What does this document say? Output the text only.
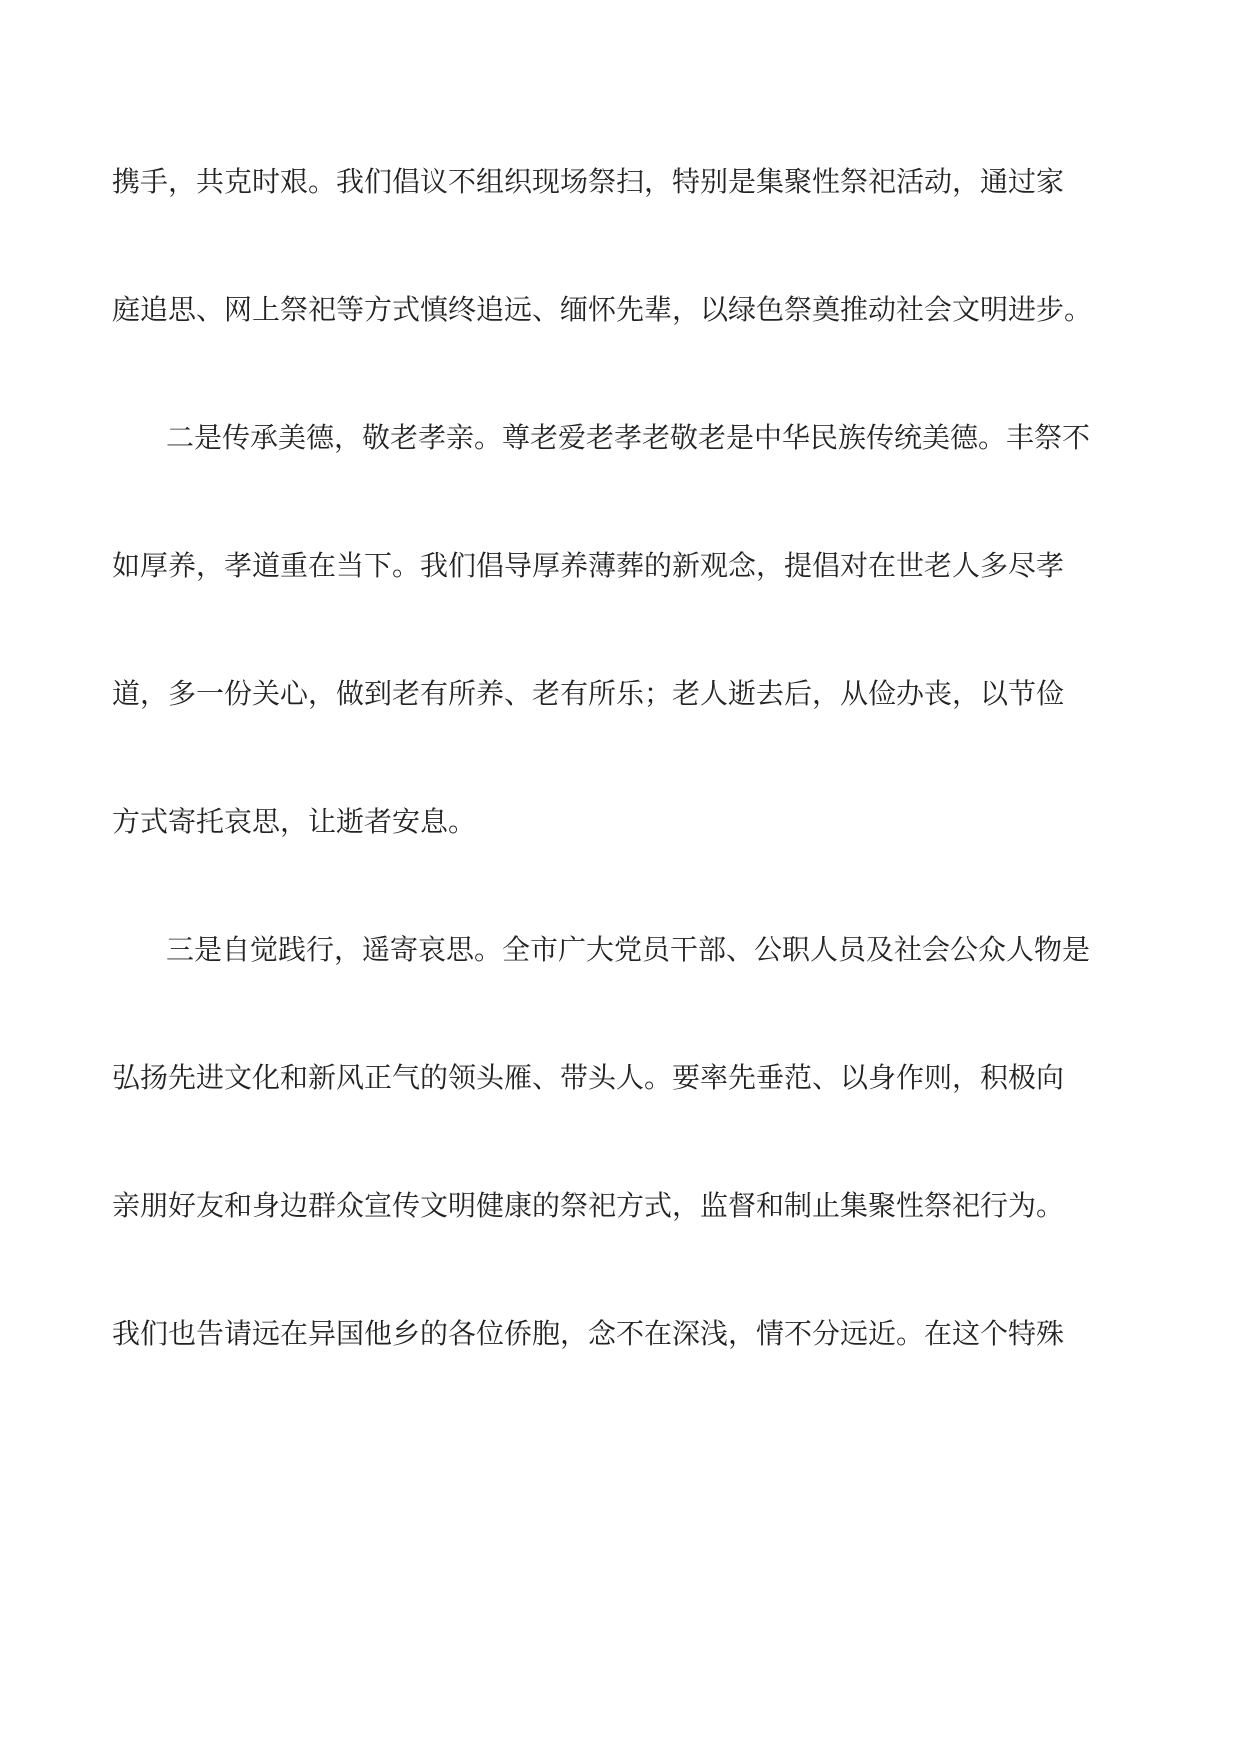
携手，共克时艰。我们倡议不组织现场祭扫，特别是集聚性祭祀活动，通过家
庭追思、网上祭祀等方式慎终追远、缅怀先辈，以绿色祭奠推动社会文明进步。
二是传承美德，敬老孝亲。尊老爱老孝老敬老是中华民族传统美德。丰祭不
如厚养，孝道重在当下。我们倡导厚养薄葬的新观念，提倡对在世老人多尽孝
道，多一份关心，做到老有所养、老有所乐；老人逝去后，从俭办丧，以节俭
方式寄托哀思，让逝者安息。
三是自觉践行，遥寄哀思。全市广大党员干部、公职人员及社会公众人物是
弘扬先进文化和新风正气的领头雁、带头人。要率先垂范、以身作则，积极向
亲朋好友和身边群众宣传文明健康的祭祀方式，监督和制止集聚性祭祀行为。
我们也告请远在异国他乡的各位侨胞，念不在深浅，情不分远近。在这个特殊
